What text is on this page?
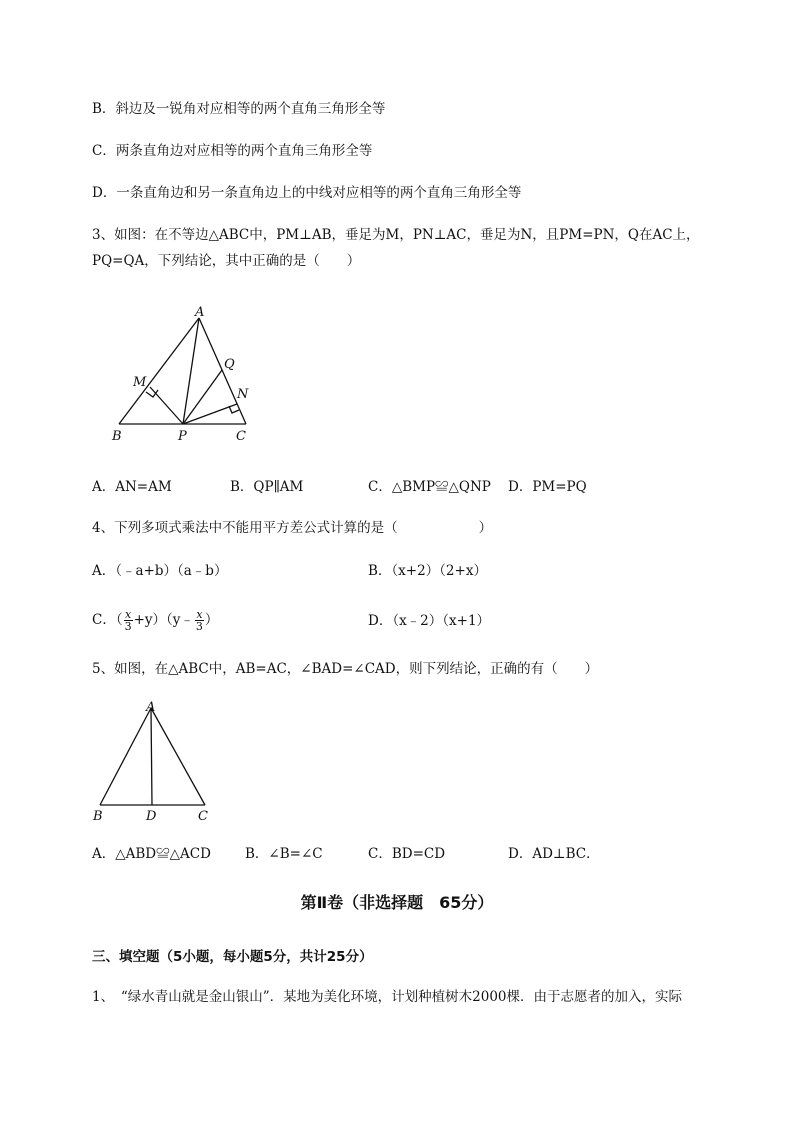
B．斜边及一锐角对应相等的两个直角三角形全等
C．两条直角边对应相等的两个直角三角形全等
D．一条直角边和另一条直角边上的中线对应相等的两个直角三角形全等
3、如图：在不等边△ABC中，PM⊥AB，垂足为M，PN⊥AC，垂足为N，且PM=PN，Q在AC上，
PQ=QA，下列结论，其中正确的是（　　）
A
B	C
M
N
P
Q
A．AN=AM	B．QP∥AM	C．△BMP≌△QNP D．PM=PQ
4、下列多项式乘法中不能用平方差公式计算的是（　　　　　　）
A．（﹣a+b）（a﹣b）	B．（x+2）（2+x）
C．（ $\frac{x}{3}$ +y）（y﹣ $\frac{x}{3}$ ）	D．（x﹣2）（x+1）
5、如图，在△ABC中，AB=AC，∠BAD=∠CAD，则下列结论，正确的有（　　）
A
B	C
D
A．△ABD≌△ACD	B．∠B=∠C	C．BD=CD	D．AD⊥BC．
第Ⅱ卷（非选择题　65分）
三、填空题（5小题，每小题5分，共计25分）
1、　“绿水青山就是金山银山”．某地为美化环境，计划种植树木2000棵．由于志愿者的加入，实际
